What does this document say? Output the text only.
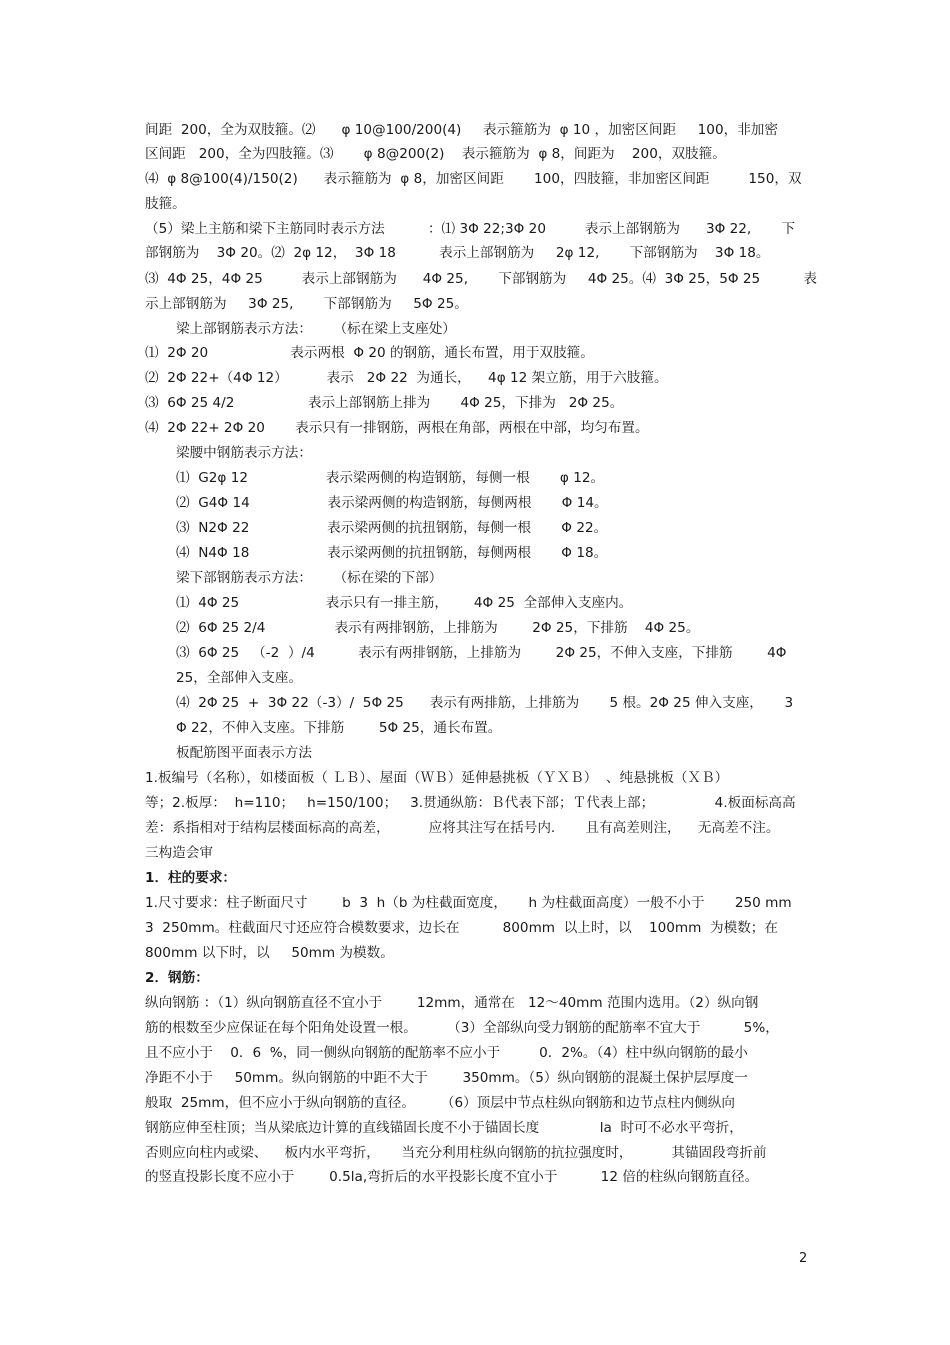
间距  200，全为双肢箍。⑵      φ 10@100/200(4)     表示箍筋为  φ 10 ，加密区间距     100，非加密
区间距   200，全为四肢箍。⑶       φ 8@200(2)    表示箍筋为  φ 8，间距为    200，双肢箍。
⑷  φ 8@100(4)/150(2)      表示箍筋为  φ 8，加密区间距       100，四肢箍，非加密区间距         150，双
肢箍。
（5）梁上主筋和梁下主筋同时表示方法          ：⑴ 3Φ 22;3Φ 20         表示上部钢筋为      3Φ 22,       下
部钢筋为    3Φ 20。⑵  2φ 12，  3Φ 18          表示上部钢筋为     2φ 12,       下部钢筋为    3Φ 18。
⑶  4Φ 25，4Φ 25         表示上部钢筋为      4Φ 25,       下部钢筋为     4Φ 25。⑷  3Φ 25，5Φ 25          表
示上部钢筋为     3Φ 25,       下部钢筋为     5Φ 25。
梁上部钢筋表示方法：     （标在梁上支座处）
⑴  2Φ 20                   表示两根  Φ 20 的钢筋，通长布置，用于双肢箍。
⑵  2Φ 22+（4Φ 12）         表示   2Φ 22  为通长，    4φ 12 架立筋，用于六肢箍。
⑶  6Φ 25 4/2                 表示上部钢筋上排为       4Φ 25，下排为   2Φ 25。
⑷  2Φ 22+ 2Φ 20       表示只有一排钢筋，两根在角部，两根在中部，均匀布置。
梁腰中钢筋表示方法：
⑴  G2φ 12                  表示梁两侧的构造钢筋，每侧一根       φ 12。
⑵  G4Φ 14                  表示梁两侧的构造钢筋，每侧两根       Φ 14。
⑶  N2Φ 22                  表示梁两侧的抗扭钢筋，每侧一根       Φ 22。
⑷  N4Φ 18                  表示梁两侧的抗扭钢筋，每侧两根       Φ 18。
梁下部钢筋表示方法：     （标在梁的下部）
⑴  4Φ 25                    表示只有一排主筋，      4Φ 25  全部伸入支座内。
⑵  6Φ 25 2/4                表示有两排钢筋，上排筋为        2Φ 25，下排筋    4Φ 25。
⑶  6Φ 25   （-2  ）/4          表示有两排钢筋，上排筋为        2Φ 25，不伸入支座，下排筋        4Φ
25，全部伸入支座。
⑷  2Φ 25  +  3Φ 22（-3）/  5Φ 25      表示有两排筋，上排筋为       5 根。2Φ 25 伸入支座，     3
Φ 22，不伸入支座。下排筋        5Φ 25，通长布置。
板配筋图平面表示方法
1.板编号（名称），如楼面板（ ＬＢ）、屋面（ＷＢ）延伸悬挑板（ＹＸＢ）  、纯悬挑板（ＸＢ）
等；2.板厚：  h=110；   h=150/100；   3.贯通纵筋：Ｂ代表下部；Ｔ代表上部；              4.板面标高高
差：系指相对于结构层楼面标高的高差，         应将其注写在括号内.       且有高差则注，    无高差不注。
三构造会审
1．柱的要求：
1.尺寸要求：柱子断面尺寸        b  3  h（b 为柱截面宽度，     h 为柱截面高度）一般不小于       250 mm
3  250mm。柱截面尺寸还应符合模数要求，边长在          800mm  以上时，以    100mm  为模数；在
800mm 以下时，以     50mm 为模数。
2．钢筋：
纵向钢筋 ：（1）纵向钢筋直径不宜小于        12mm，通常在   12～40mm 范围内选用。（2）纵向钢
筋的根数至少应保证在每个阳角处设置一根。       （3）全部纵向受力钢筋的配筋率不宜大于          5%，
且不应小于    0．6  %，同一侧纵向钢筋的配筋率不应小于         0．2%。（4）柱中纵向钢筋的最小
净距不小于     50mm。纵向钢筋的中距不大于        350mm。（5）纵向钢筋的混凝土保护层厚度一
般取  25mm，但不应小于纵向钢筋的直径。      （6）顶层中节点柱纵向钢筋和边节点柱内侧纵向
钢筋应伸至柱顶；当从梁底边计算的直线锚固长度不小于锚固长度              la  时可不必水平弯折，
否则应向柱内或梁、    板内水平弯折，     当充分利用柱纵向钢筋的抗拉强度时，         其锚固段弯折前
的竖直投影长度不应小于        0.5la,弯折后的水平投影长度不宜小于          12 倍的柱纵向钢筋直径。
2
